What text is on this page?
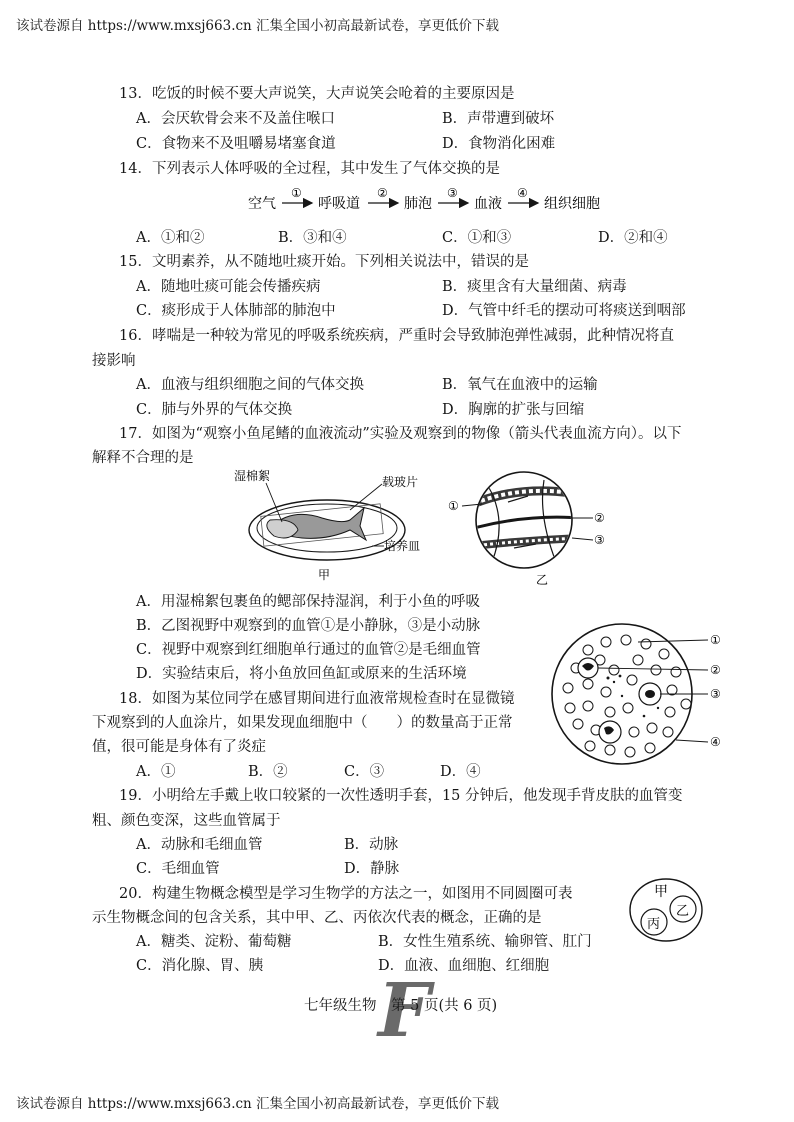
该试卷源自 https://www.mxsj663.cn 汇集全国小初高最新试卷，享更低价下载
13．吃饭的时候不要大声说笑，大声说笑会呛着的主要原因是
A．会厌软骨会来不及盖住喉口	B．声带遭到破坏
C．食物来不及咀嚼易堵塞食道	D．食物消化困难
14．下列表示人体呼吸的全过程，其中发生了气体交换的是
空气
①
呼吸道
②
肺泡
③
血液
④
组织细胞
A．①和②	B．③和④	C．①和③	D．②和④
15．文明素养，从不随地吐痰开始。下列相关说法中，错误的是
A．随地吐痰可能会传播疾病	B．痰里含有大量细菌、病毒
C．痰形成于人体肺部的肺泡中	D．气管中纤毛的摆动可将痰送到咽部
16．哮喘是一种较为常见的呼吸系统疾病，严重时会导致肺泡弹性减弱，此种情况将直
接影响
A．血液与组织细胞之间的气体交换	B．氧气在血液中的运输
C．肺与外界的气体交换	D．胸廓的扩张与回缩
17．如图为“观察小鱼尾鳍的血液流动”实验及观察到的物像（箭头代表血流方向）。以下
解释不合理的是
湿棉絮	载玻片
培养皿
甲
①
②
③
乙
A．用湿棉絮包裹鱼的鳃部保持湿润，利于小鱼的呼吸
B．乙图视野中观察到的血管①是小静脉，③是小动脉
C．视野中观察到红细胞单行通过的血管②是毛细血管
D．实验结束后，将小鱼放回鱼缸或原来的生活环境
18．如图为某位同学在感冒期间进行血液常规检查时在显微镜
下观察到的人血涂片，如果发现血细胞中（　　）的数量高于正常
值，很可能是身体有了炎症
①
②
③
④
A．①	B．②	C．③	D．④
19．小明给左手戴上收口较紧的一次性透明手套，15 分钟后，他发现手背皮肤的血管变
粗、颜色变深，这些血管属于
A．动脉和毛细血管	B．动脉
C．毛细血管	D．静脉
20．构建生物概念模型是学习生物学的方法之一，如图用不同圆圈可表
示生物概念间的包含关系，其中甲、乙、丙依次代表的概念，正确的是
甲
乙
丙
A．糖类、淀粉、葡萄糖	B．女性生殖系统、输卵管、肛门
C．消化腺、胃、胰	D．血液、血细胞、红细胞
F
七年级生物　第 5 页(共 6 页)
该试卷源自 https://www.mxsj663.cn 汇集全国小初高最新试卷，享更低价下载
